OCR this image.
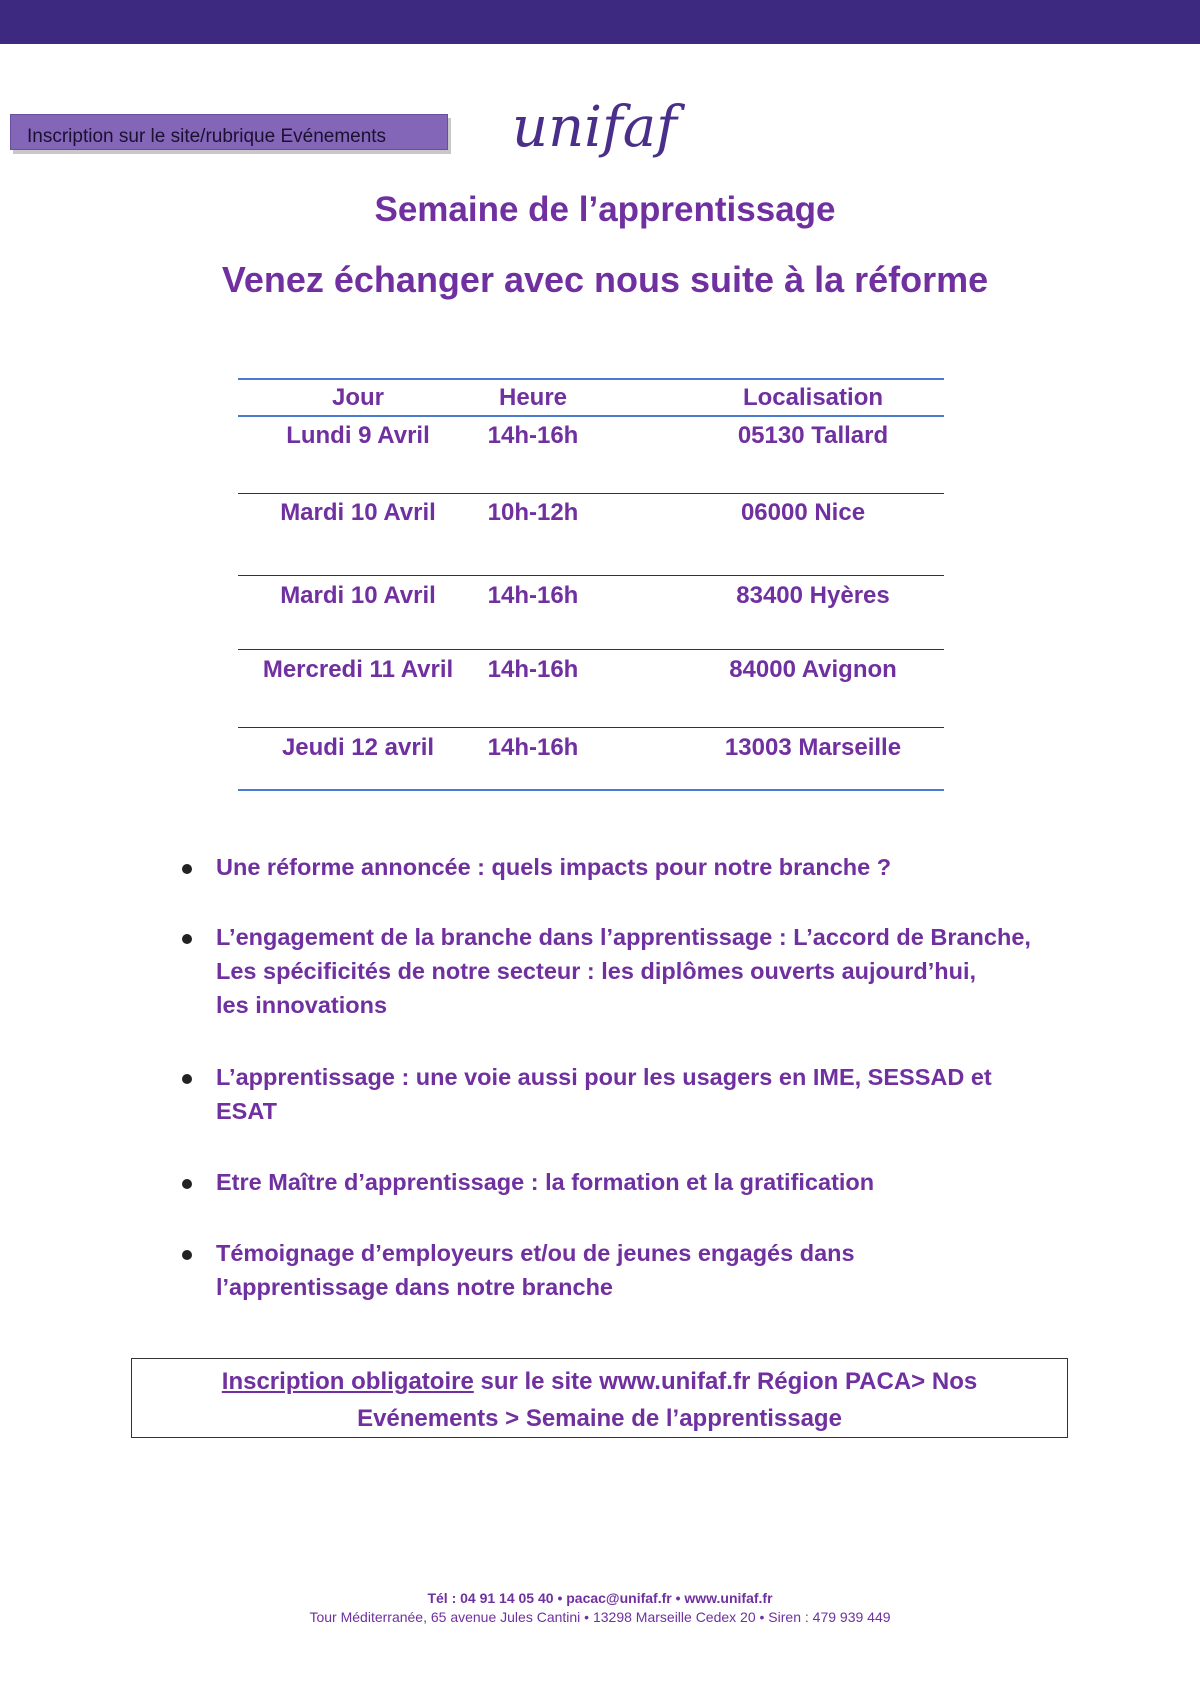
Inscription sur le site/rubrique Evénements unifaf
Semaine de l’apprentissage
Venez échanger avec nous suite à la réforme
Jour	Heure	Localisation
Lundi 9 Avril	14h-16h	05130 Tallard
Mardi 10 Avril	10h-12h	06000 Nice
Mardi 10 Avril	14h-16h	83400 Hyères
Mercredi 11 Avril	14h-16h	84000 Avignon
Jeudi 12 avril	14h-16h	13003 Marseille
Une réforme annoncée : quels impacts pour notre branche ?
L’engagement de la branche dans l’apprentissage : L’accord de Branche,
Les spécificités de notre secteur : les diplômes ouverts aujourd’hui,
les innovations
L’apprentissage : une voie aussi pour les usagers en IME, SESSAD et
ESAT
Etre Maître d’apprentissage : la formation et la gratification
Témoignage d’employeurs et/ou de jeunes engagés dans
l’apprentissage dans notre branche
Inscription obligatoire sur le site www.unifaf.fr Région PACA> Nos
Evénements > Semaine de l’apprentissage
Tél : 04 91 14 05 40 • pacac@unifaf.fr • www.unifaf.fr
Tour Méditerranée, 65 avenue Jules Cantini • 13298 Marseille Cedex 20 • Siren : 479 939 449
